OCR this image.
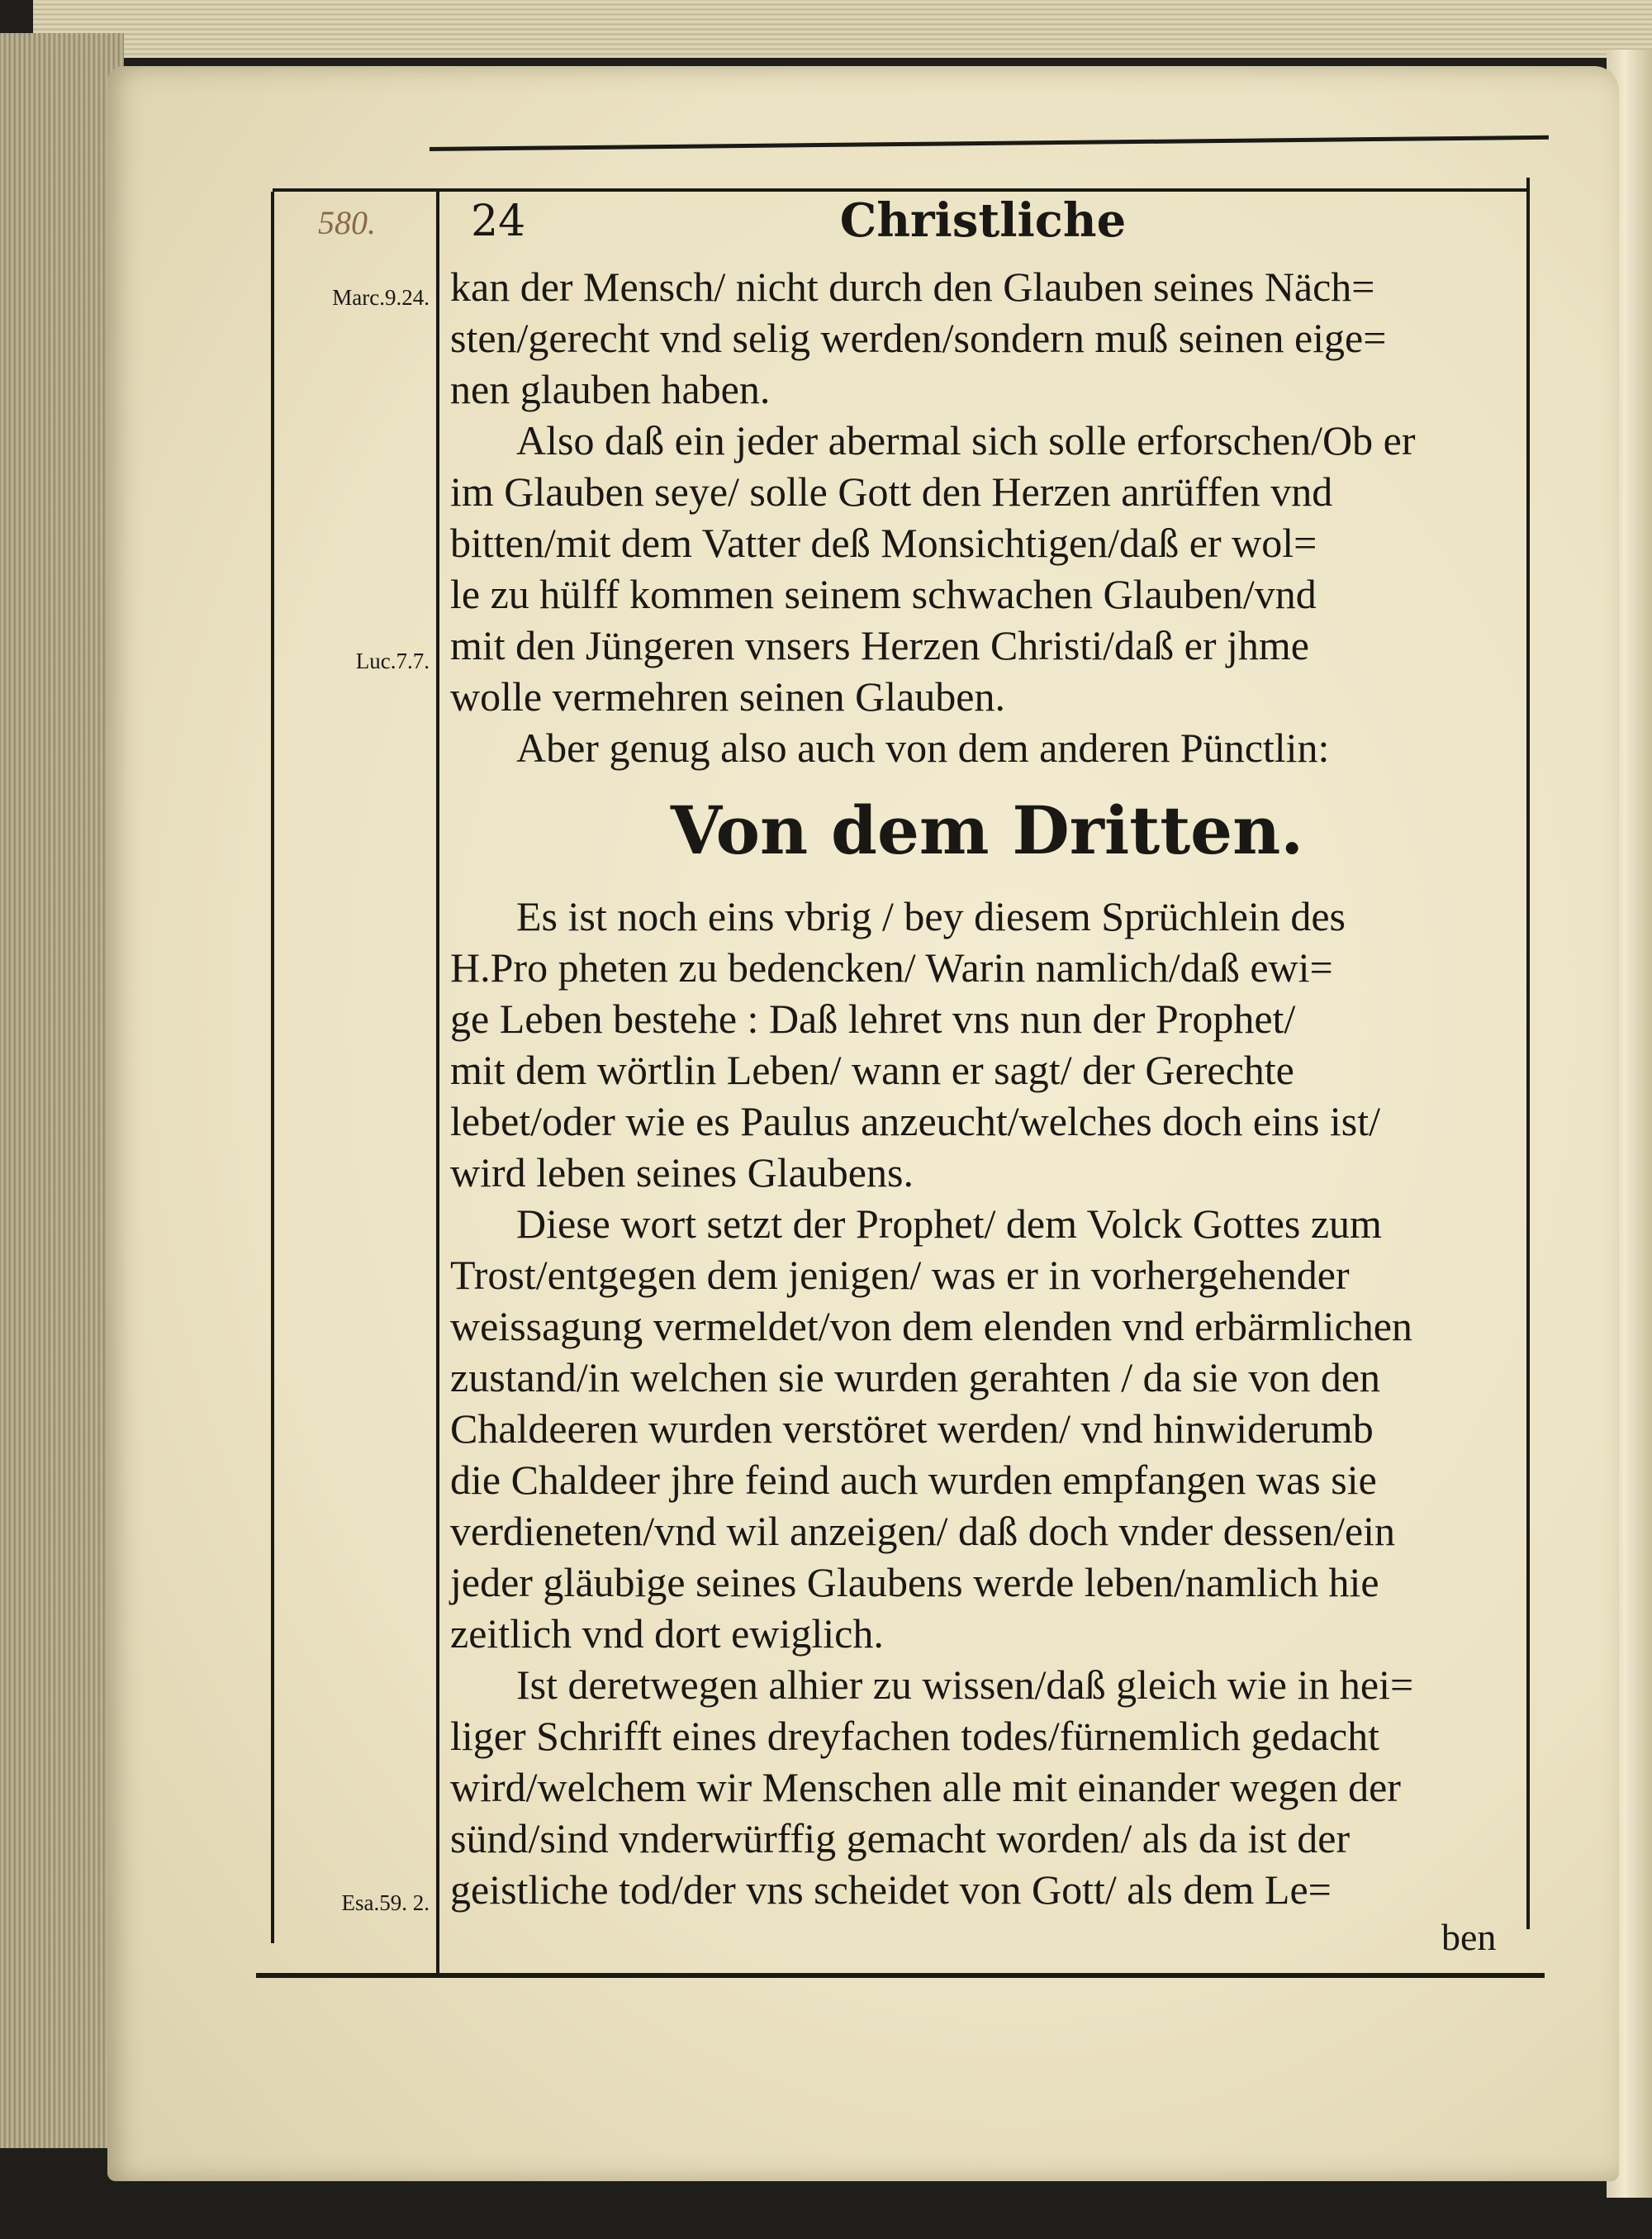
580. 24	Christliche
Marc.9.24.
Luc.7.7.
Esa.59. 2.
kan der Mensch/ nicht durch den Glauben seines Näch=
sten/gerecht vnd selig werden/sondern muß seinen eige=
nen glauben haben.
Also daß ein jeder abermal sich solle erforschen/Ob er
im Glauben seye/ solle Gott den Herzen anrüffen vnd
bitten/mit dem Vatter deß Monsichtigen/daß er wol=
le zu hülff kommen seinem schwachen Glauben/vnd
mit den Jüngeren vnsers Herzen Christi/daß er jhme
wolle vermehren seinen Glauben.
Aber genug also auch von dem anderen Pünctlin:
Von dem Dritten.
Es ist noch eins vbrig / bey diesem Sprüchlein des
H.Pro pheten zu bedencken/ Warin namlich/daß ewi=
ge Leben bestehe : Daß lehret vns nun der Prophet/
mit dem wörtlin Leben/ wann er sagt/ der Gerechte
lebet/oder wie es Paulus anzeucht/welches doch eins ist/
wird leben seines Glaubens.
Diese wort setzt der Prophet/ dem Volck Gottes zum
Trost/entgegen dem jenigen/ was er in vorhergehender
weissagung vermeldet/von dem elenden vnd erbärmlichen
zustand/in welchen sie wurden gerahten / da sie von den
Chaldeeren wurden verstöret werden/ vnd hinwiderumb
die Chaldeer jhre feind auch wurden empfangen was sie
verdieneten/vnd wil anzeigen/ daß doch vnder dessen/ein
jeder gläubige seines Glaubens werde leben/namlich hie
zeitlich vnd dort ewiglich.
Ist deretwegen alhier zu wissen/daß gleich wie in hei=
liger Schrifft eines dreyfachen todes/fürnemlich gedacht
wird/welchem wir Menschen alle mit einander wegen der
sünd/sind vnderwürffig gemacht worden/ als da ist der
geistliche tod/der vns scheidet von Gott/ als dem Le=
ben
